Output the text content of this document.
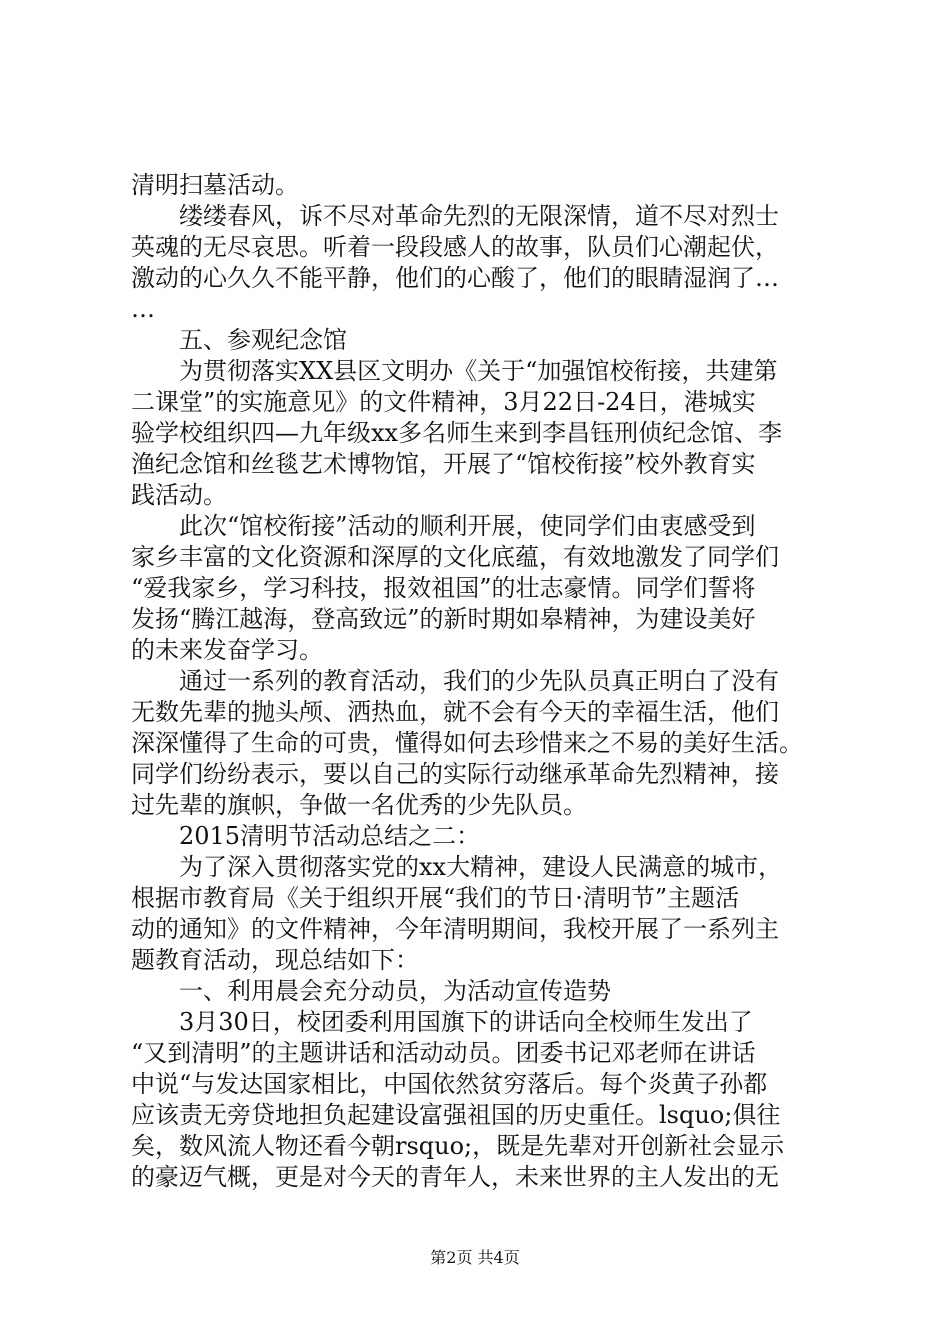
清明扫墓活动。
缕缕春风，诉不尽对革命先烈的无限深情，道不尽对烈士
英魂的无尽哀思。听着一段段感人的故事，队员们心潮起伏，
激动的心久久不能平静，他们的心酸了，他们的眼睛湿润了…
…
五、参观纪念馆
为贯彻落实XX县区文明办《关于“加强馆校衔接，共建第
二课堂”的实施意见》的文件精神，3月22日-24日，港城实
验学校组织四—九年级xx多名师生来到李昌钰刑侦纪念馆、李
渔纪念馆和丝毯艺术博物馆，开展了“馆校衔接”校外教育实
践活动。
此次“馆校衔接”活动的顺利开展，使同学们由衷感受到
家乡丰富的文化资源和深厚的文化底蕴，有效地激发了同学们
“爱我家乡，学习科技，报效祖国”的壮志豪情。同学们誓将
发扬“腾江越海，登高致远”的新时期如皋精神，为建设美好
的未来发奋学习。
通过一系列的教育活动，我们的少先队员真正明白了没有
无数先辈的抛头颅、洒热血，就不会有今天的幸福生活，他们
深深懂得了生命的可贵，懂得如何去珍惜来之不易的美好生活。
同学们纷纷表示，要以自己的实际行动继承革命先烈精神，接
过先辈的旗帜，争做一名优秀的少先队员。
2015清明节活动总结之二：
为了深入贯彻落实党的xx大精神，建设人民满意的城市，
根据市教育局《关于组织开展“我们的节日·清明节”主题活
动的通知》的文件精神，今年清明期间，我校开展了一系列主
题教育活动，现总结如下：
一、利用晨会充分动员，为活动宣传造势
3月30日，校团委利用国旗下的讲话向全校师生发出了
“又到清明”的主题讲话和活动动员。团委书记邓老师在讲话
中说“与发达国家相比，中国依然贫穷落后。每个炎黄子孙都
应该责无旁贷地担负起建设富强祖国的历史重任。lsquo;俱往
矣，数风流人物还看今朝rsquo;，既是先辈对开创新社会显示
的豪迈气概，更是对今天的青年人，未来世界的主人发出的无
第2页 共4页
